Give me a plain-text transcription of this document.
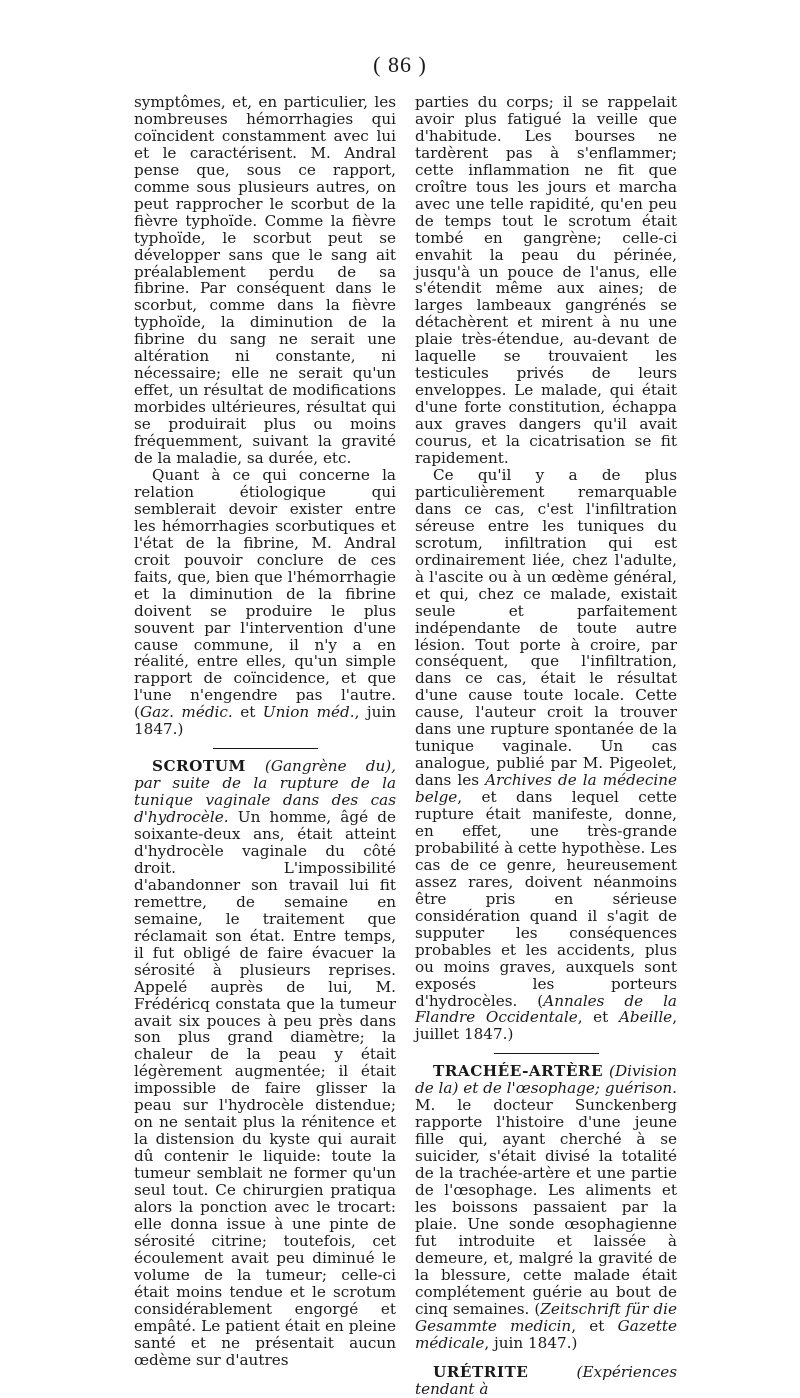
( 86 )

symptômes, et, en particulier, les nombreuses hémorrhagies qui coïncident constamment avec lui et le caractérisent. M. Andral pense que, sous ce rapport, comme sous plusieurs autres, on peut rapprocher le scorbut de la fièvre typhoïde. Comme la fièvre typhoïde, le scorbut peut se développer sans que le sang ait préalablement perdu de sa fibrine. Par conséquent dans le scorbut, comme dans la fièvre typhoïde, la diminution de la fibrine du sang ne serait une altération ni constante, ni nécessaire; elle ne serait qu'un effet, un résultat de modifications morbides ultérieures, résultat qui se produirait plus ou moins fréquemment, suivant la gravité de la maladie, sa durée, etc.

Quant à ce qui concerne la relation étiologique qui semblerait devoir exister entre les hémorrhagies scorbutiques et l'état de la fibrine, M. Andral croit pouvoir conclure de ces faits, que, bien que l'hémorrhagie et la diminution de la fibrine doivent se produire le plus souvent par l'intervention d'une cause commune, il n'y a en réalité, entre elles, qu'un simple rapport de coïncidence, et que l'une n'engendre pas l'autre. (Gaz. médic. et Union méd., juin 1847.)

SCROTUM (Gangrène du), par suite de la rupture de la tunique vaginale dans des cas d'hydrocèle. Un homme, âgé de soixante-deux ans, était atteint d'hydrocèle vaginale du côté droit. L'impossibilité d'abandonner son travail lui fit remettre, de semaine en semaine, le traitement que réclamait son état. Entre temps, il fut obligé de faire évacuer la sérosité à plusieurs reprises. Appelé auprès de lui, M. Frédéricq constata que la tumeur avait six pouces à peu près dans son plus grand diamètre; la chaleur de la peau y était légèrement augmentée; il était impossible de faire glisser la peau sur l'hydrocèle distendue; on ne sentait plus la rénitence et la distension du kyste qui aurait dû contenir le liquide: toute la tumeur semblait ne former qu'un seul tout. Ce chirurgien pratiqua alors la ponction avec le trocart: elle donna issue à une pinte de sérosité citrine; toutefois, cet écoulement avait peu diminué le volume de la tumeur; celle-ci était moins tendue et le scrotum considérablement engorgé et empâté. Le patient était en pleine santé et ne présentait aucun œdème sur d'autres

parties du corps; il se rappelait avoir plus fatigué la veille que d'habitude. Les bourses ne tardèrent pas à s'enflammer; cette inflammation ne fit que croître tous les jours et marcha avec une telle rapidité, qu'en peu de temps tout le scrotum était tombé en gangrène; celle-ci envahit la peau du périnée, jusqu'à un pouce de l'anus, elle s'étendit même aux aines; de larges lambeaux gangrénés se détachèrent et mirent à nu une plaie très-étendue, au-devant de laquelle se trouvaient les testicules privés de leurs enveloppes. Le malade, qui était d'une forte constitution, échappa aux graves dangers qu'il avait courus, et la cicatrisation se fit rapidement.

Ce qu'il y a de plus particulièrement remarquable dans ce cas, c'est l'infiltration séreuse entre les tuniques du scrotum, infiltration qui est ordinairement liée, chez l'adulte, à l'ascite ou à un œdème général, et qui, chez ce malade, existait seule et parfaitement indépendante de toute autre lésion. Tout porte à croire, par conséquent, que l'infiltration, dans ce cas, était le résultat d'une cause toute locale. Cette cause, l'auteur croit la trouver dans une rupture spontanée de la tunique vaginale. Un cas analogue, publié par M. Pigeolet, dans les Archives de la médecine belge, et dans lequel cette rupture était manifeste, donne, en effet, une très-grande probabilité à cette hypothèse. Les cas de ce genre, heureusement assez rares, doivent néanmoins être pris en sérieuse considération quand il s'agit de supputer les conséquences probables et les accidents, plus ou moins graves, auxquels sont exposés les porteurs d'hydrocèles. (Annales de la Flandre Occidentale, et Abeille, juillet 1847.)

TRACHÉE-ARTÈRE (Division de la) et de l'œsophage; guérison. M. le docteur Sunckenberg rapporte l'histoire d'une jeune fille qui, ayant cherché à se suicider, s'était divisé la totalité de la trachée-artère et une partie de l'œsophage. Les aliments et les boissons passaient par la plaie. Une sonde œsophagienne fut introduite et laissée à demeure, et, malgré la gravité de la blessure, cette malade était complétement guérie au bout de cinq semaines. (Zeitschrift für die Gesammte medicin, et Gazette médicale, juin 1847.)

URÉTRITE (Expériences tendant à
